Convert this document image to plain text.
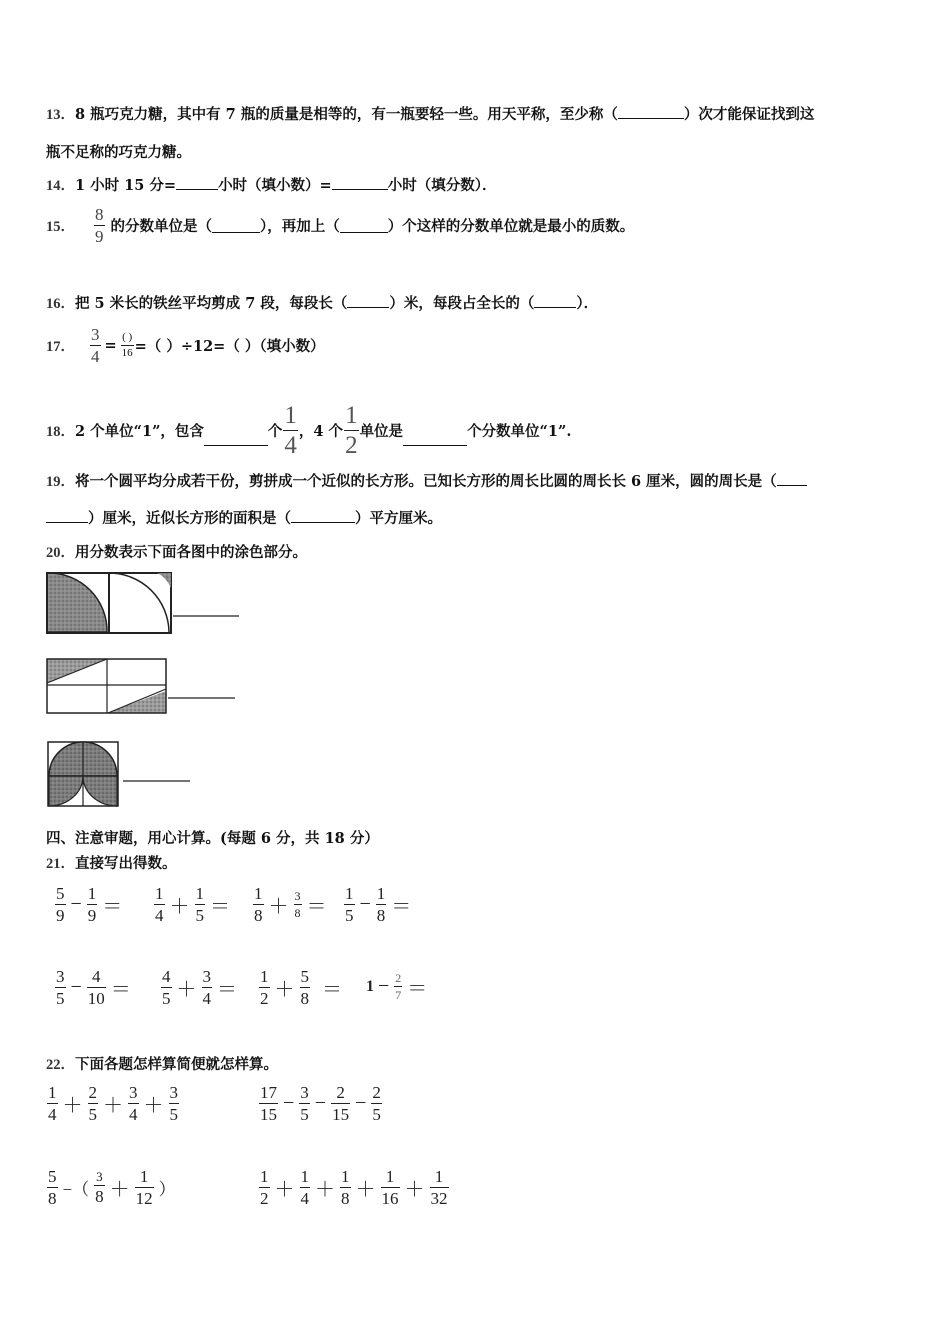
13．8 瓶巧克力糖，其中有 7 瓶的质量是相等的，有一瓶要轻一些。用天平称，至少称（	）次才能保证找到这
瓶不足称的巧克力糖。
14．1 小时 15 分=	小时（填小数）=	小时（填分数）．
15． $\frac{8}{9}$ 的分数单位是（	），再加上（	）个这样的分数单位就是最小的质数。
16．把 5 米长的铁丝平均剪成 7 段，每段长（	）米，每段占全长的（	）．
17． $\frac{3}{4} = \frac{( )}{16}$ =（ ）÷12=（ ）（填小数）
18． 2 个单位“1”，包含	个 $\frac{1}{4}$ ，4 个 $\frac{1}{2}$ 单位是	个分数单位“1”.
19．将一个圆平均分成若干份，剪拼成一个近似的长方形。已知长方形的周长比圆的周长长 6 厘米，圆的周长是（
）厘米，近似长方形的面积是（	）平方厘米。
20．用分数表示下面各图中的涂色部分。
四、注意审题，用心计算。(每题 6 分，共 18 分）
21．直接写出得数。
$\frac{5}{9} - \frac{1}{9} = \frac{1}{4} + \frac{1}{5} = \frac{1}{8} + \frac{3}{8} = \frac{1}{5} - \frac{1}{8}$ ＝
$\frac{3}{5} - \frac{4}{10} = \frac{4}{5} + \frac{3}{4} = \frac{1}{2} + \frac{5}{8} = 1 - \frac{2}{7}$ ＝
22．下面各题怎样算简便就怎样算。
$\frac{1}{4} + \frac{2}{5} + \frac{3}{4} + \frac{3}{5}$	$\frac{17}{15} - \frac{3}{5} - \frac{2}{15} - \frac{2}{5}$
$\frac{5}{8}$ −（ $\frac{3}{8} + \frac{1}{12}$ ）	$\frac{1}{2} + \frac{1}{4} + \frac{1}{8} + \frac{1}{16} + \frac{1}{32}$
